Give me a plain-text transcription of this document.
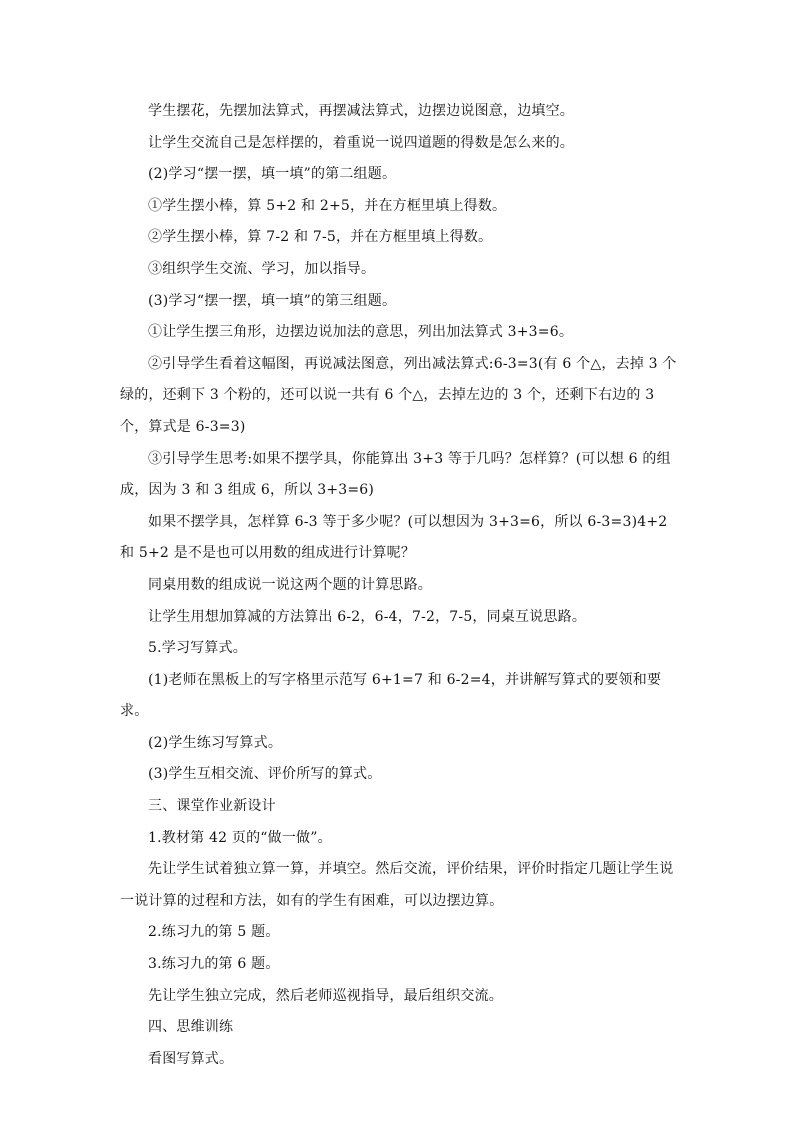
学生摆花，先摆加法算式，再摆减法算式，边摆边说图意，边填空。

让学生交流自己是怎样摆的，着重说一说四道题的得数是怎么来的。

(2)学习“摆一摆，填一填”的第二组题。

①学生摆小棒，算 5+2 和 2+5，并在方框里填上得数。

②学生摆小棒，算 7-2 和 7-5，并在方框里填上得数。

③组织学生交流、学习，加以指导。

(3)学习“摆一摆，填一填”的第三组题。

①让学生摆三角形，边摆边说加法的意思，列出加法算式 3+3=6。

②引导学生看着这幅图，再说减法图意，列出减法算式:6-3=3(有 6 个△，去掉 3 个绿的，还剩下 3 个粉的，还可以说一共有 6 个△，去掉左边的 3 个，还剩下右边的 3 个，算式是 6-3=3)

③引导学生思考:如果不摆学具，你能算出 3+3 等于几吗？怎样算？(可以想 6 的组成，因为 3 和 3 组成 6，所以 3+3=6)

如果不摆学具，怎样算 6-3 等于多少呢？(可以想因为 3+3=6，所以 6-3=3)4+2 和 5+2 是不是也可以用数的组成进行计算呢？

同桌用数的组成说一说这两个题的计算思路。

让学生用想加算减的方法算出 6-2，6-4，7-2，7-5，同桌互说思路。

5.学习写算式。

(1)老师在黑板上的写字格里示范写 6+1=7 和 6-2=4，并讲解写算式的要领和要求。

(2)学生练习写算式。

(3)学生互相交流、评价所写的算式。

三、课堂作业新设计

1.教材第 42 页的“做一做”。

先让学生试着独立算一算，并填空。然后交流，评价结果，评价时指定几题让学生说一说计算的过程和方法，如有的学生有困难，可以边摆边算。

2.练习九的第 5 题。

3.练习九的第 6 题。

先让学生独立完成，然后老师巡视指导，最后组织交流。

四、思维训练

看图写算式。
